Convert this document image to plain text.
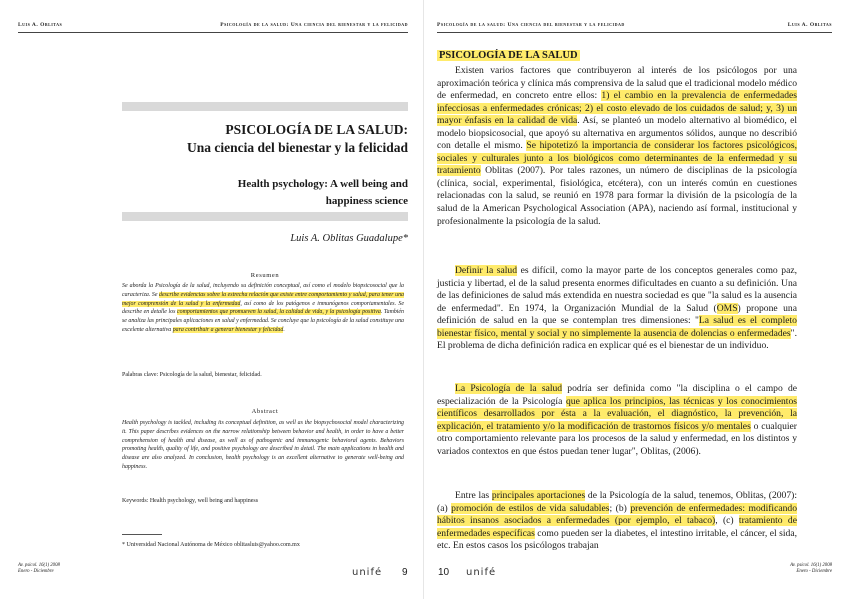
Luis A. Oblitas	Psicología de la salud: Una ciencia del bienestar y la felicidad
PSICOLOGÍA DE LA SALUD:
Una ciencia del bienestar y la felicidad
Health psychology: A well being and
happiness science
Luis A. Oblitas Guadalupe*
Resumen
Se aborda la Psicología de la salud, incluyendo su definición conceptual, así como el modelo biopsicosocial que la caracteriza. Se describe evidencias sobre la estrecha relación que existe entre comportamiento y salud, para tener una mejor comprensión de la salud y la enfermedad, así como de los patógenos e inmunógenos comportamentales. Se describe en detalle los comportamientos que promueven la salud, la calidad de vida, y la psicología positiva. También se analiza las principales aplicaciones en salud y enfermedad. Se concluye que la psicología de la salud constituye una excelente alternativa para contribuir a generar bienestar y felicidad.
Palabras clave: Psicología de la salud, bienestar, felicidad.
Abstract
Health psychology is tackled, including its conceptual definition, as well as the biopsychosocial model characterizing it. This paper describes evidences on the narrow relationship between behavior and health, in order to have a better comprehension of health and disease, as well as of pathogenic and immunogenic behavioral agents. Behaviors promoting health, quality of life, and positive psychology are described in detail. The main applications in health and disease are also analyzed. In conclusion, health psychology is an excellent alternative to generate well-being and happiness.
Keywords: Health psychology, well being and happiness
* Universidad Nacional Autónoma de México oblitasluis@yahoo.com.mx
Av. psicol. 16(1) 2008
Enero - Diciembre	unifé 9
Psicología de la salud: Una ciencia del bienestar y la felicidad	Luis A. Oblitas
Av. psicol. 16(1) 2008
Enero - Diciembre
10 unifé
PSICOLOGÍA DE LA SALUD

Existen varios factores que contribuyeron al interés de los psicólogos por una aproximación teórica y clínica más comprensiva de la salud que el tradicional modelo médico de enfermedad, en concreto entre ellos: 1) el cambio en la prevalencia de enfermedades infecciosas a enfermedades crónicas; 2) el costo elevado de los cuidados de salud; y, 3) un mayor énfasis en la calidad de vida. Así, se planteó un modelo alternativo al biomédico, el modelo biopsicosocial, que apoyó su alternativa en argumentos sólidos, aunque no describió con detalle el mismo. Se hipotetizó la importancia de considerar los factores psicológicos, sociales y culturales junto a los biológicos como determinantes de la enfermedad y su tratamiento Oblitas (2007). Por tales razones, un número de disciplinas de la psicología (clínica, social, experimental, fisiológica, etcétera), con un interés común en cuestiones relacionadas con la salud, se reunió en 1978 para formar la división de la psicología de la salud de la American Psychological Association (APA), naciendo así formal, institucional y profesionalmente la psicología de la salud.

Definir la salud es difícil, como la mayor parte de los conceptos generales como paz, justicia y libertad, el de la salud presenta enormes dificultades en cuanto a su definición. Una de las definiciones de salud más extendida en nuestra sociedad es que "la salud es la ausencia de enfermedad". En 1974, la Organización Mundial de la Salud (OMS) propone una definición de salud en la que se contemplan tres dimensiones: "La salud es el completo bienestar físico, mental y social y no simplemente la ausencia de dolencias o enfermedades". El problema de dicha definición radica en explicar qué es el bienestar de un individuo.

La Psicología de la salud podría ser definida como "la disciplina o el campo de especialización de la Psicología que aplica los principios, las técnicas y los conocimientos científicos desarrollados por ésta a la evaluación, el diagnóstico, la prevención, la explicación, el tratamiento y/o la modificación de trastornos físicos y/o mentales o cualquier otro comportamiento relevante para los procesos de la salud y enfermedad, en los distintos y variados contextos en que éstos puedan tener lugar", Oblitas, (2006).

Entre las principales aportaciones de la Psicología de la salud, tenemos, Oblitas, (2007): (a) promoción de estilos de vida saludables; (b) prevención de enfermedades: modificando hábitos insanos asociados a enfermedades (por ejemplo, el tabaco), (c) tratamiento de enfermedades específicas como pueden ser la diabetes, el intestino irritable, el cáncer, el sida, etc. En estos casos los psicólogos trabajan
